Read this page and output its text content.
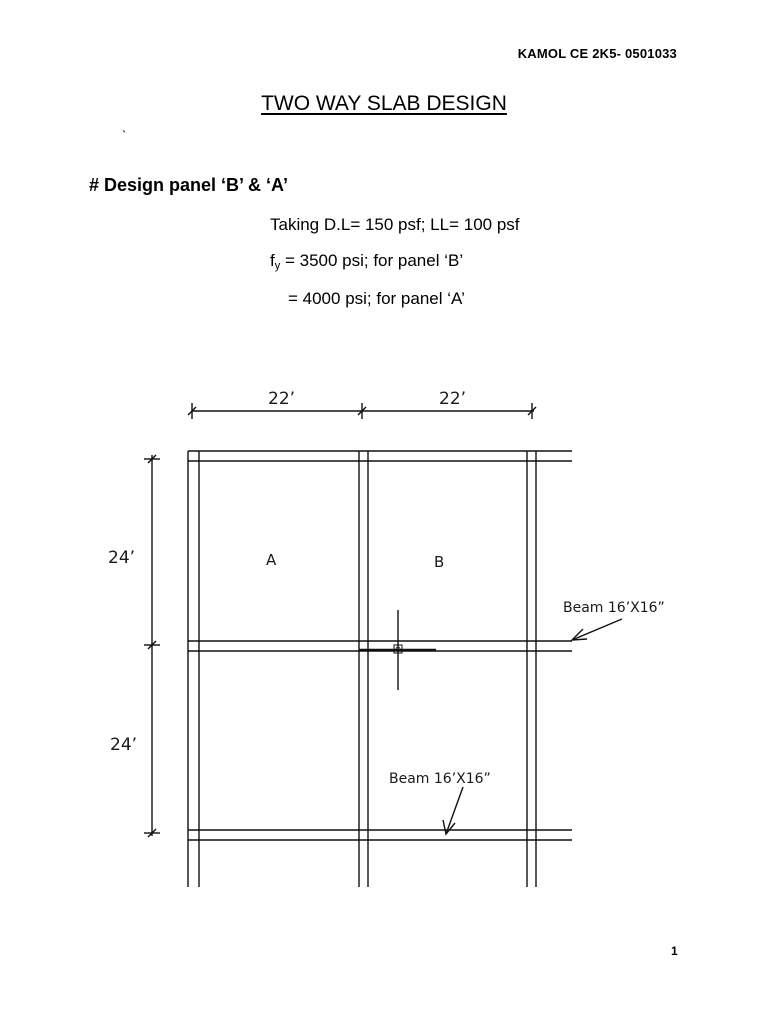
KAMOL CE 2K5- 0501033
TWO WAY SLAB DESIGN
`
# Design panel ‘B’ & ‘A’
Taking D.L= 150 psf; LL= 100 psf
$f_y = 3500$ psi; for panel ‘B’
= 4000 psi; for panel ‘A’
22’	22’
24’
24’
A	B
Beam 16’X16”
Beam 16’X16”
1
